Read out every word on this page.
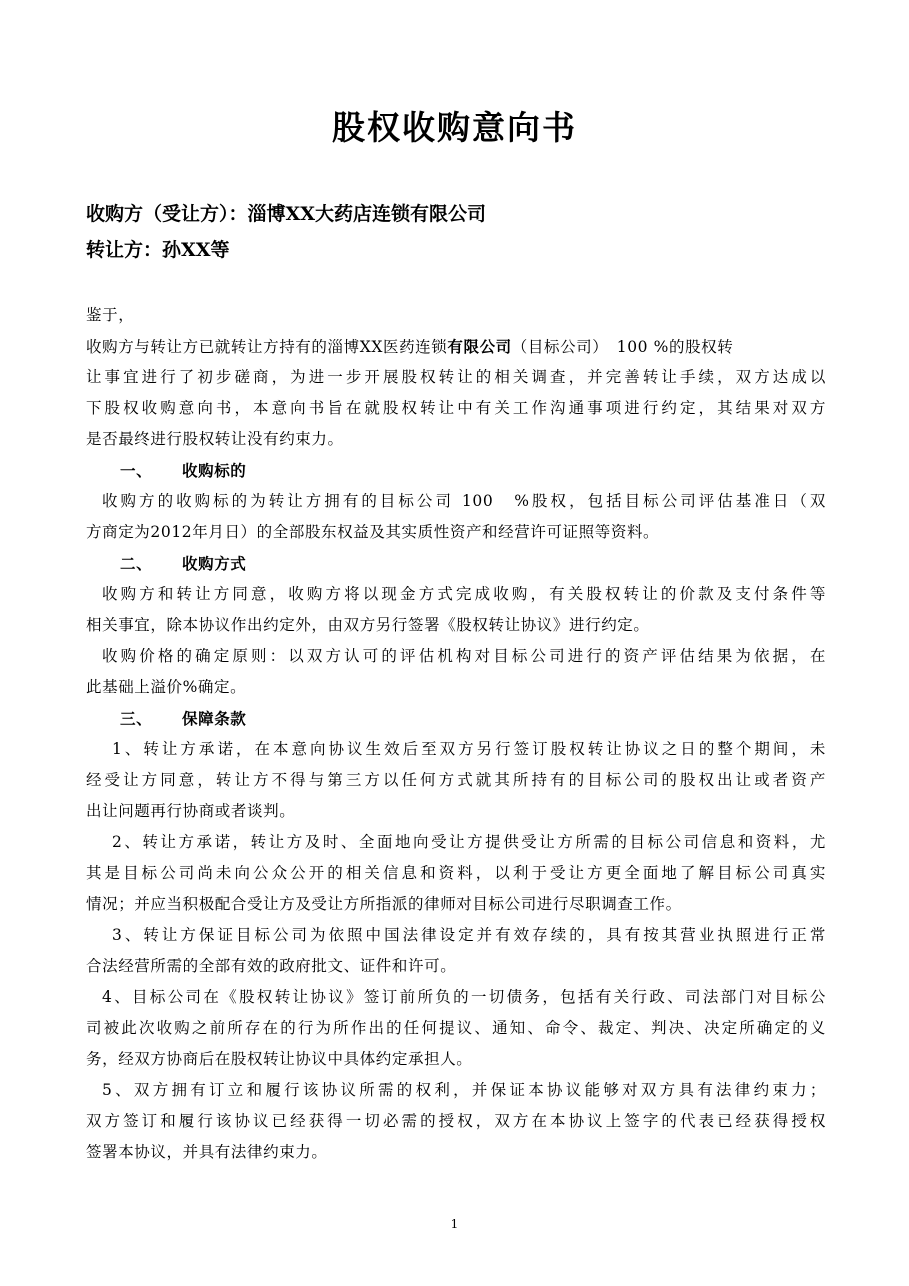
股权收购意向书
收购方（受让方）：淄博XX大药店连锁有限公司
转让方：孙XX等
鉴于，
收购方与转让方已就转让方持有的淄博XX医药连锁有限公司（目标公司）　100 %的股权转
让事宜进行了初步磋商，为进一步开展股权转让的相关调查，并完善转让手续，双方达成以
下股权收购意向书，本意向书旨在就股权转让中有关工作沟通事项进行约定，其结果对双方
是否最终进行股权转让没有约束力。
一、 收购标的
收购方的收购标的为转让方拥有的目标公司 100　%股权，包括目标公司评估基准日（双
方商定为2012年月日）的全部股东权益及其实质性资产和经营许可证照等资料。
二、 收购方式
收购方和转让方同意，收购方将以现金方式完成收购，有关股权转让的价款及支付条件等
相关事宜，除本协议作出约定外，由双方另行签署《股权转让协议》进行约定。
收购价格的确定原则：以双方认可的评估机构对目标公司进行的资产评估结果为依据，在
此基础上溢价%确定。
三、 保障条款
1、转让方承诺，在本意向协议生效后至双方另行签订股权转让协议之日的整个期间，未
经受让方同意，转让方不得与第三方以任何方式就其所持有的目标公司的股权出让或者资产
出让问题再行协商或者谈判。
2、转让方承诺，转让方及时、全面地向受让方提供受让方所需的目标公司信息和资料，尤
其是目标公司尚未向公众公开的相关信息和资料，以利于受让方更全面地了解目标公司真实
情况；并应当积极配合受让方及受让方所指派的律师对目标公司进行尽职调查工作。
3、转让方保证目标公司为依照中国法律设定并有效存续的，具有按其营业执照进行正常
合法经营所需的全部有效的政府批文、证件和许可。
4、目标公司在《股权转让协议》签订前所负的一切债务，包括有关行政、司法部门对目标公
司被此次收购之前所存在的行为所作出的任何提议、通知、命令、裁定、判决、决定所确定的义
务，经双方协商后在股权转让协议中具体约定承担人。
5、双方拥有订立和履行该协议所需的权利，并保证本协议能够对双方具有法律约束力；
双方签订和履行该协议已经获得一切必需的授权，双方在本协议上签字的代表已经获得授权
签署本协议，并具有法律约束力。
1
